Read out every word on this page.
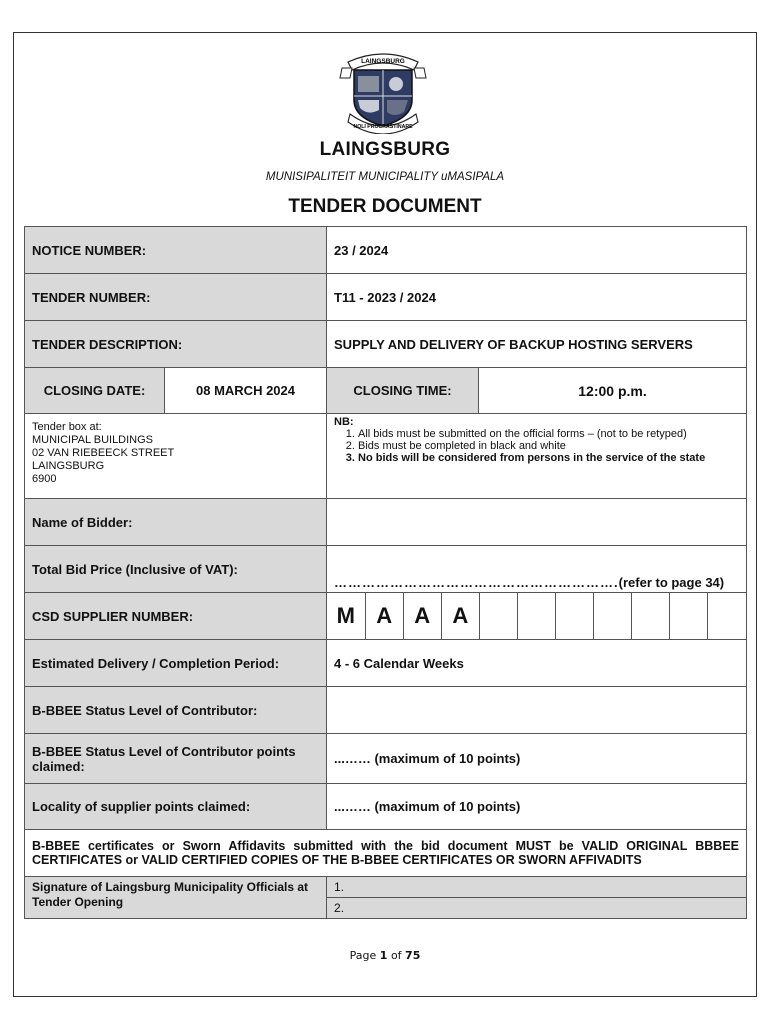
LAINGSBURG
NOLI PROCRASTINARE
LAINGSBURG
MUNISIPALITEIT MUNICIPALITY uMASIPALA
TENDER DOCUMENT
NOTICE NUMBER:	23 / 2024
TENDER NUMBER:	T11 - 2023 / 2024
TENDER DESCRIPTION:	SUPPLY AND DELIVERY OF BACKUP HOSTING SERVERS
CLOSING DATE:	08 MARCH 2024	CLOSING TIME:	12:00 p.m.

Tender box at:
MUNICIPAL BUILDINGS
02 VAN RIEBEECK STREET
LAINGSBURG
6900

NB:
1. All bids must be submitted on the official forms – (not to be retyped)
2. Bids must be completed in black and white
3. No bids will be considered from persons in the service of the state

Name of Bidder:	
Total Bid Price (Inclusive of VAT):	…………………………………………………….(refer to page 34)
CSD SUPPLIER NUMBER:		M	A	A	A							

Estimated Delivery / Completion Period:	4 - 6 Calendar Weeks
B-BBEE Status Level of Contributor:	
B-BBEE Status Level of Contributor points claimed:	...…… (maximum of 10 points)
Locality of supplier points claimed:	...…… (maximum of 10 points)
B-BBEE certificates or Sworn Affidavits submitted with the bid document MUST be VALID ORIGINAL BBBEE CERTIFICATES or VALID CERTIFIED COPIES OF THE B-BBEE CERTIFICATES OR SWORN AFFIVADITS
Signature of Laingsburg Municipality Officials at Tender Opening	1.
2.
Page 1 of 75
